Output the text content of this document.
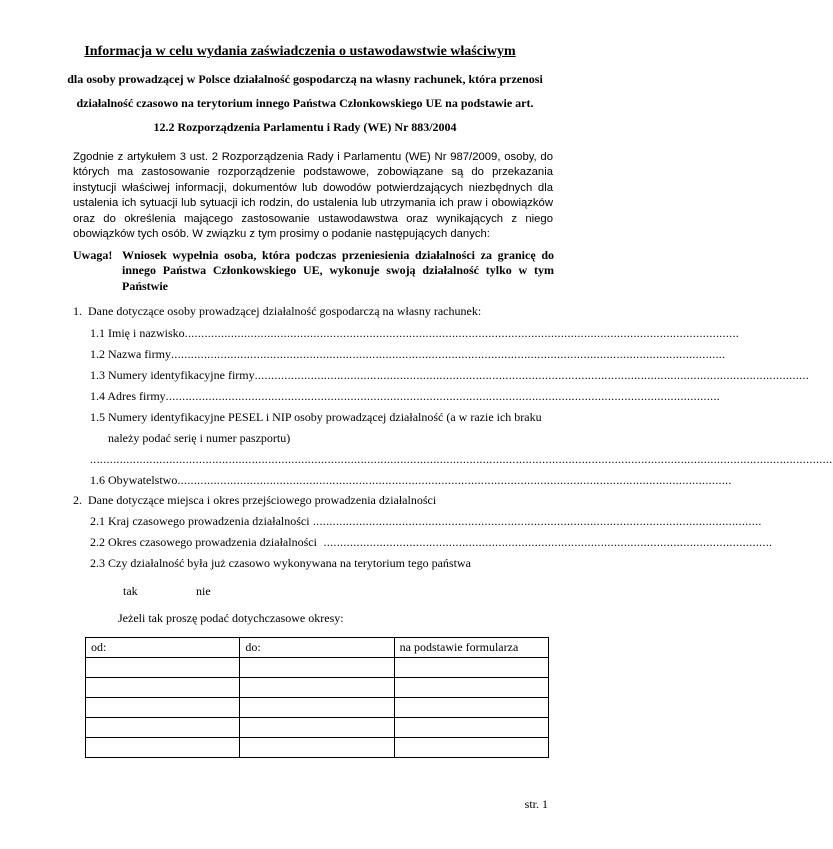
Informacja w celu wydania zaświadczenia o ustawodawstwie właściwym
dla osoby prowadzącej w Polsce działalność gospodarczą na własny rachunek, która przenosi
działalność czasowo na terytorium innego Państwa Członkowskiego UE na podstawie art.
12.2 Rozporządzenia Parlamentu i Rady (WE) Nr 883/2004
Zgodnie z artykułem 3 ust. 2 Rozporządzenia Rady i Parlamentu (WE) Nr 987/2009, osoby, do których ma zastosowanie rozporządzenie podstawowe, zobowiązane są do przekazania instytucji właściwej informacji, dokumentów lub dowodów potwierdzających niezbędnych dla ustalenia ich sytuacji lub sytuacji ich rodzin, do ustalenia lub utrzymania ich praw i obowiązków oraz do określenia mającego zastosowanie ustawodawstwa oraz wynikających z niego obowiązków tych osób. W związku z tym prosimy o podanie następujących danych:
Uwaga! Wniosek wypełnia osoba, która podczas przeniesienia działalności za granicę do innego Państwa Członkowskiego UE, wykonuje swoją działalność tylko w tym Państwie
1.  Dane dotyczące osoby prowadzącej działalność gospodarczą na własny rachunek:
1.1 Imię i nazwisko ........................................................................................................................................................................
1.2 Nazwa firmy ........................................................................................................................................................................
1.3 Numery identyfikacyjne firmy ........................................................................................................................................................................
1.4 Adres firmy ........................................................................................................................................................................
1.5 Numery identyfikacyjne PESEL i NIP osoby prowadzącej działalność (a w razie ich braku
należy podać serię i numer paszportu)
.................................................................................................................................................................................................................................
1.6 Obywatelstwo ........................................................................................................................................................................
2.  Dane dotyczące miejsca i okres przejściowego prowadzenia działalności
2.1 Kraj czasowego prowadzenia działalności ........................................................................................................................................
2.2 Okres czasowego prowadzenia działalności ........................................................................................................................................
2.3 Czy działalność była już czasowo wykonywana na terytorium tego państwa
tak	nie
Jeżeli tak proszę podać dotychczasowe okresy:
od:	do:	na podstawie formularza

str. 1
